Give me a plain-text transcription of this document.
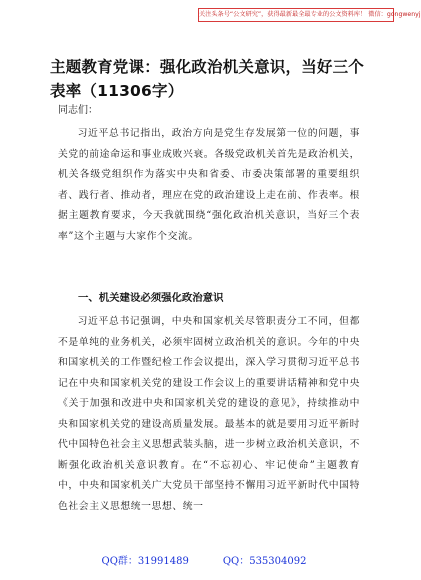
关注头条号“公文研究”，获得最新最全最专业的公文资料库！ 微信：gongwenyj
主题教育党课：强化政治机关意识，当好三个表率（11306字）
同志们：

习近平总书记指出，政治方向是党生存发展第一位的问题，事关党的前途命运和事业成败兴衰。各级党政机关首先是政治机关，机关各级党组织作为落实中央和省委、市委决策部署的重要组织者、践行者、推动者，理应在党的政治建设上走在前、作表率。根据主题教育要求，今天我就围绕“强化政治机关意识，当好三个表率”这个主题与大家作个交流。

一、机关建设必须强化政治意识

习近平总书记强调，中央和国家机关尽管职责分工不同，但都不是单纯的业务机关，必须牢固树立政治机关的意识。今年的中央和国家机关的工作暨纪检工作会议提出，深入学习贯彻习近平总书记在中央和国家机关党的建设工作会议上的重要讲话精神和党中央《关于加强和改进中央和国家机关党的建设的意见》，持续推动中央和国家机关党的建设高质量发展。最基本的就是要用习近平新时代中国特色社会主义思想武装头脑，进一步树立政治机关意识，不断强化政治机关意识教育。在“不忘初心、牢记使命”主题教育中，中央和国家机关广大党员干部坚持不懈用习近平新时代中国特色社会主义思想统一思想、统一

QQ群：31991489	QQ：535304092
